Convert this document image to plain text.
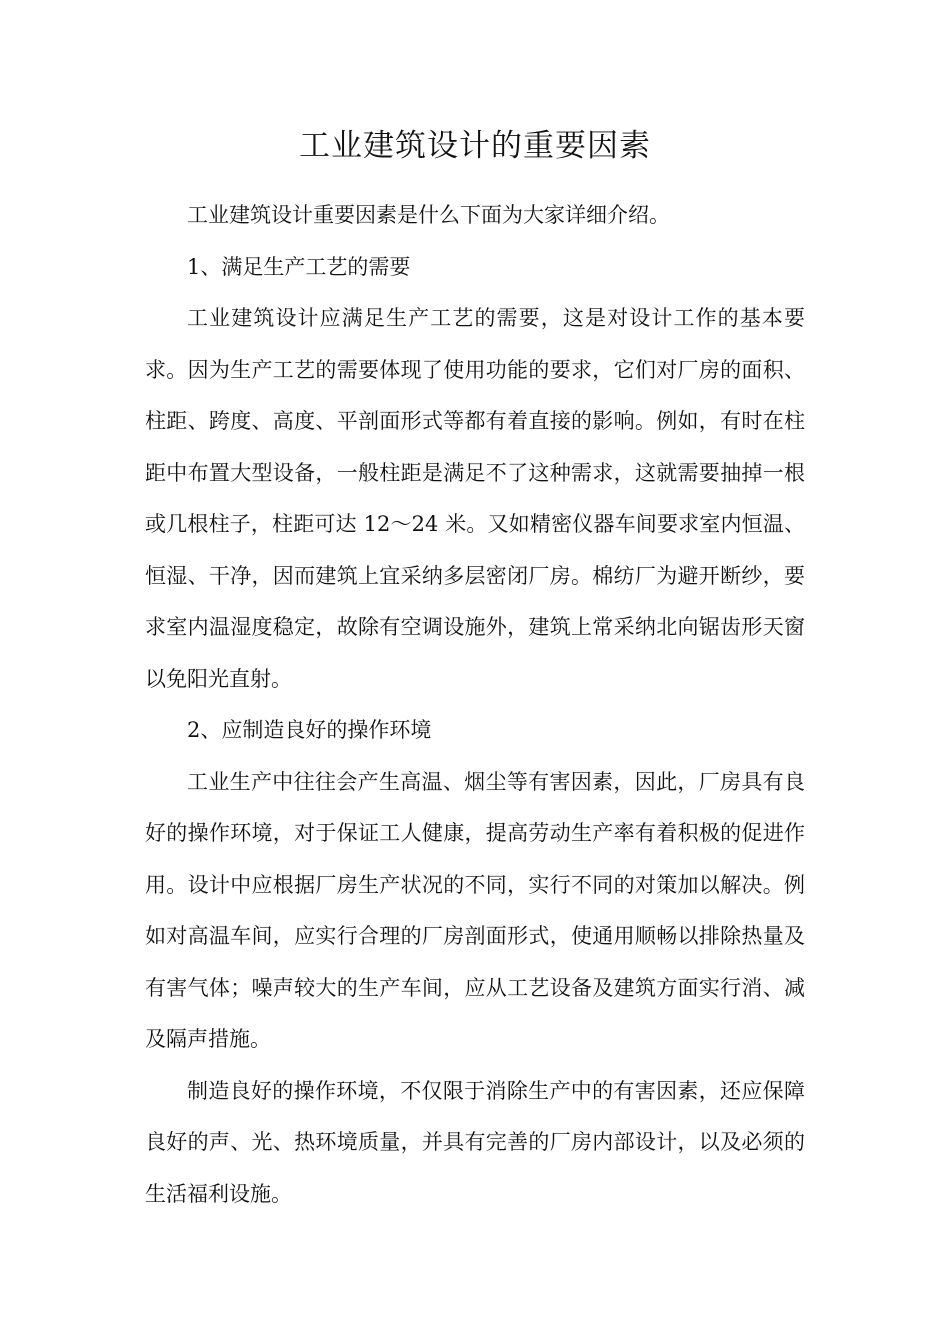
工业建筑设计的重要因素

工业建筑设计重要因素是什么下面为大家详细介绍。

1、满足生产工艺的需要

工业建筑设计应满足生产工艺的需要，这是对设计工作的基本要求。因为生产工艺的需要体现了使用功能的要求，它们对厂房的面积、柱距、跨度、高度、平剖面形式等都有着直接的影响。例如，有时在柱距中布置大型设备，一般柱距是满足不了这种需求，这就需要抽掉一根或几根柱子，柱距可达 12～24 米。又如精密仪器车间要求室内恒温、恒湿、干净，因而建筑上宜采纳多层密闭厂房。棉纺厂为避开断纱，要求室内温湿度稳定，故除有空调设施外，建筑上常采纳北向锯齿形天窗以免阳光直射。

2、应制造良好的操作环境

工业生产中往往会产生高温、烟尘等有害因素，因此，厂房具有良好的操作环境，对于保证工人健康，提高劳动生产率有着积极的促进作用。设计中应根据厂房生产状况的不同，实行不同的对策加以解决。例如对高温车间，应实行合理的厂房剖面形式，使通用顺畅以排除热量及有害气体；噪声较大的生产车间，应从工艺设备及建筑方面实行消、减及隔声措施。

制造良好的操作环境，不仅限于消除生产中的有害因素，还应保障良好的声、光、热环境质量，并具有完善的厂房内部设计，以及必须的生活福利设施。
